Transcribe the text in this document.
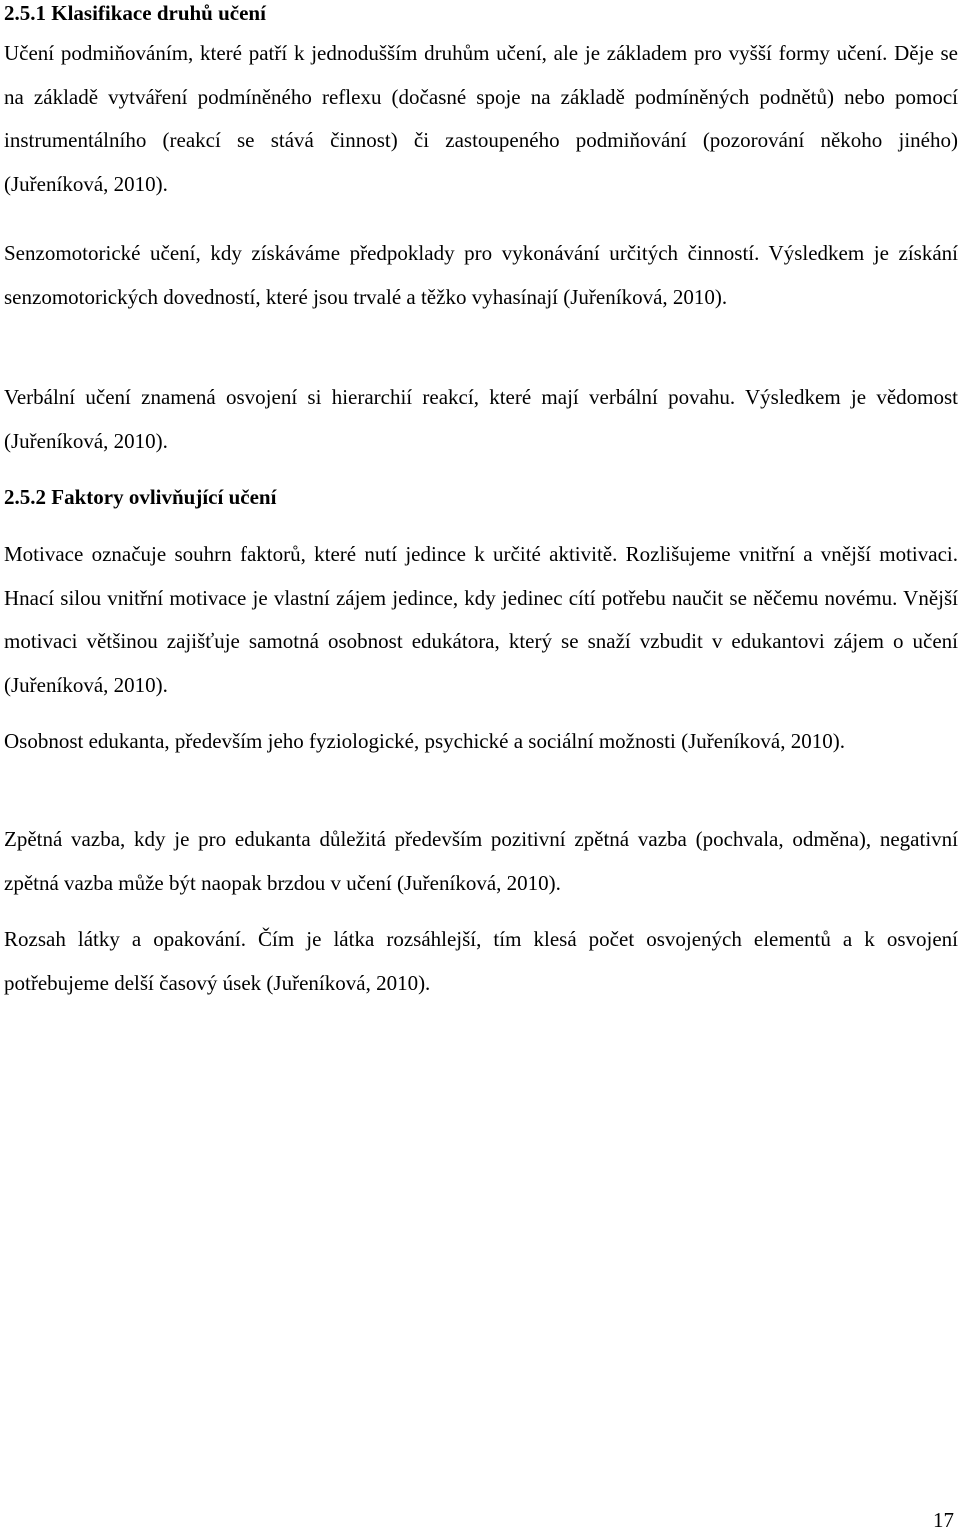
2.5.1 Klasifikace druhů učení

Učení podmiňováním, které patří k jednodušším druhům učení, ale je základem pro vyšší formy učení. Děje se na základě vytváření podmíněného reflexu (dočasné spoje na základě podmíněných podnětů) nebo pomocí instrumentálního (reakcí se stává činnost) či zastoupeného podmiňování (pozorování někoho jiného) (Juřeníková, 2010).

Senzomotorické učení, kdy získáváme předpoklady pro vykonávání určitých činností. Výsledkem je získání senzomotorických dovedností, které jsou trvalé a těžko vyhasínají (Juřeníková, 2010).

Verbální učení znamená osvojení si hierarchií reakcí, které mají verbální povahu. Výsledkem je vědomost (Juřeníková, 2010).

2.5.2 Faktory ovlivňující učení

Motivace označuje souhrn faktorů, které nutí jedince k určité aktivitě. Rozlišujeme vnitřní a vnější motivaci. Hnací silou vnitřní motivace je vlastní zájem jedince, kdy jedinec cítí potřebu naučit se něčemu novému. Vnější motivaci většinou zajišťuje samotná osobnost edukátora, který se snaží vzbudit v edukantovi zájem o učení (Juřeníková, 2010).

Osobnost edukanta, především jeho fyziologické, psychické a sociální možnosti (Juřeníková, 2010).

Zpětná vazba, kdy je pro edukanta důležitá především pozitivní zpětná vazba (pochvala, odměna), negativní zpětná vazba může být naopak brzdou v učení (Juřeníková, 2010).

Rozsah látky a opakování. Čím je látka rozsáhlejší, tím klesá počet osvojených elementů a k osvojení potřebujeme delší časový úsek (Juřeníková, 2010).

17
